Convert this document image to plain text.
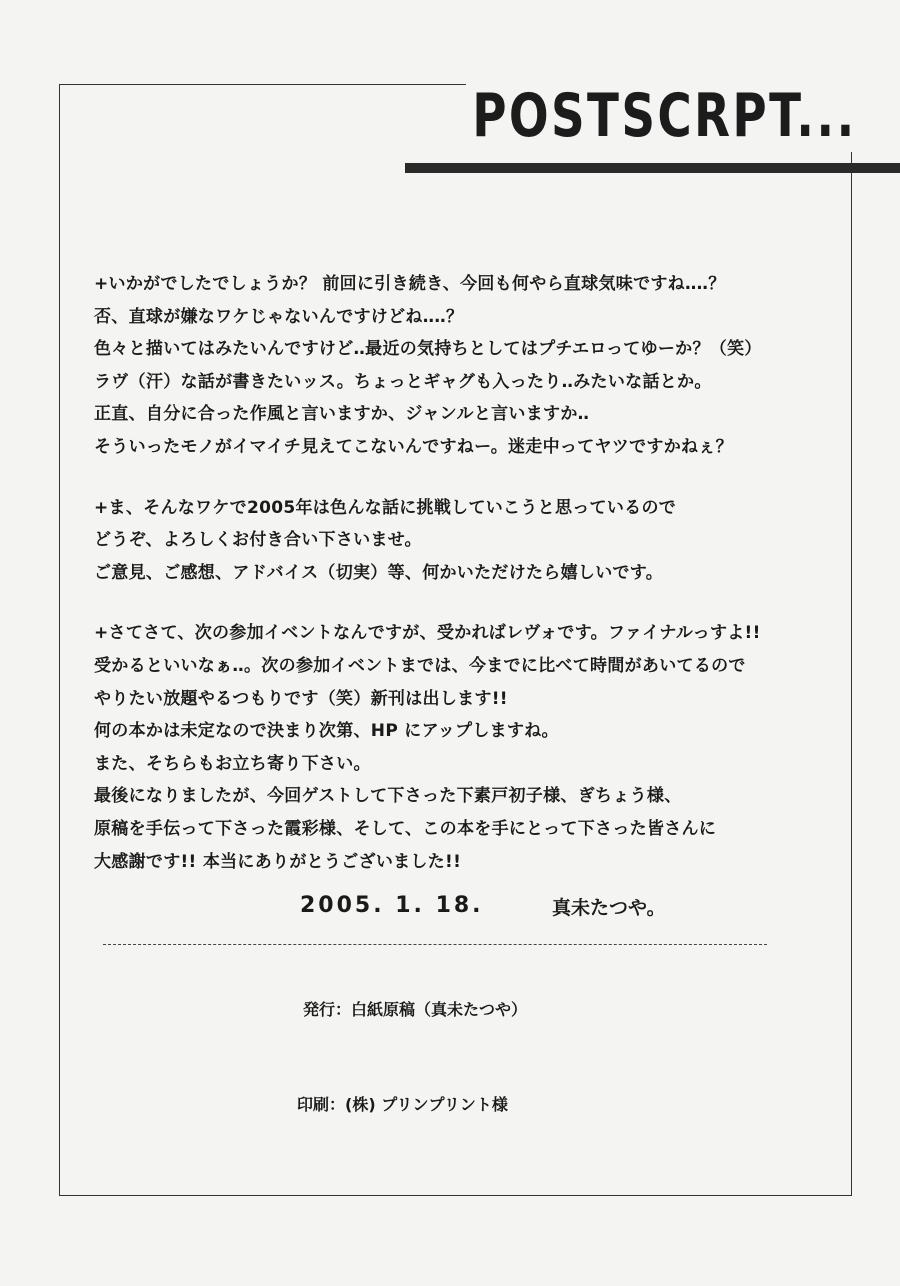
POSTSCRPT...
+いかがでしたでしょうか？ 前回に引き続き、今回も何やら直球気味ですね‥‥？
否、直球が嫌なワケじゃないんですけどね‥‥？
色々と描いてはみたいんですけど‥最近の気持ちとしてはプチエロってゆーか？（笑）
ラヴ（汗）な話が書きたいッス。ちょっとギャグも入ったり‥みたいな話とか。
正直、自分に合った作風と言いますか、ジャンルと言いますか‥
そういったモノがイマイチ見えてこないんですねー。迷走中ってヤツですかねぇ？
+ま、そんなワケで2005年は色んな話に挑戦していこうと思っているので
どうぞ、よろしくお付き合い下さいませ。
ご意見、ご感想、アドバイス（切実）等、何かいただけたら嬉しいです。
+さてさて、次の参加イベントなんですが、受かればレヴォです。ファイナルっすよ!!
受かるといいなぁ‥。次の参加イベントまでは、今までに比べて時間があいてるので
やりたい放題やるつもりです（笑）新刊は出します!!
何の本かは未定なので決まり次第、HP にアップしますね。
また、そちらもお立ち寄り下さい。
最後になりましたが、今回ゲストして下さった下素戸初子様、ぎちょう様、
原稿を手伝って下さった霞彩様、そして、この本を手にとって下さった皆さんに
大感謝です!! 本当にありがとうございました!!
2005. 1. 18.	真未たつや。
発行：白紙原稿（真未たつや）
印刷：(株) プリンプリント様
